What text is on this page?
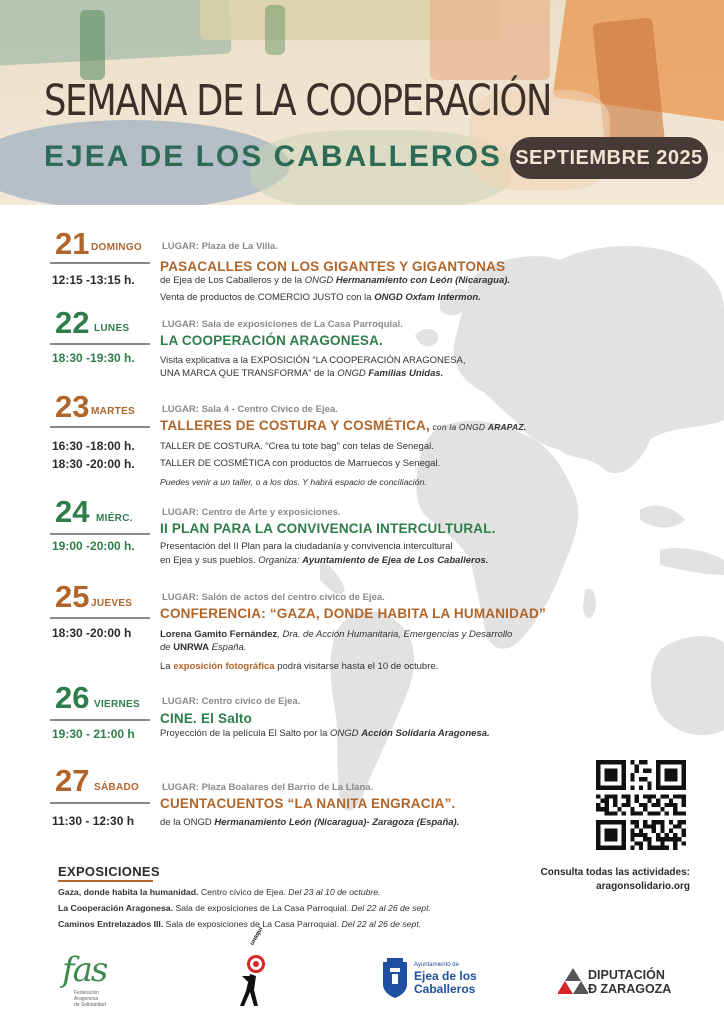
SEMANA DE LA COOPERACIÓN
EJEA DE LOS CABALLEROS SEPTIEMBRE 2025
21 DOMINGO
12:15 -13:15 h.
LUGAR: Plaza de La Villa.
PASACALLES CON LOS GIGANTES Y GIGANTONAS
de Ejea de Los Caballeros y de la ONGD Hermanamiento con León (Nicaragua).
Venta de productos de COMERCIO JUSTO con la ONGD Oxfam Intermon.
22 LUNES
18:30 -19:30 h.
LUGAR: Sala de exposiciones de La Casa Parroquial.
LA COOPERACIÓN ARAGONESA.
Visita explicativa a la EXPOSICIÓN “LA COOPERACIÓN ARAGONESA,
UNA MARCA QUE TRANSFORMA” de la ONGD Familias Unidas.
23 MARTES
16:30 -18:00 h.
18:30 -20:00 h.
LUGAR: Sala 4 - Centro Cívico de Ejea.
TALLERES DE COSTURA Y COSMÉTICA, con la ONGD ARAPAZ.
TALLER DE COSTURA. “Crea tu tote bag” con telas de Senegal.
TALLER DE COSMÉTICA con productos de Marruecos y Senegal.
Puedes venir a un taller, o a los dos. Y habrá espacio de conciliación.
24 MIÉRC.
19:00 -20:00 h.
LUGAR: Centro de Arte y exposiciones.
II PLAN PARA LA CONVIVENCIA INTERCULTURAL.
Presentación del II Plan para la ciudadanía y convivencia intercultural
en Ejea y sus pueblos. Organiza: Ayuntamiento de Ejea de Los Caballeros.
25 JUEVES
18:30 -20:00 h
LUGAR: Salón de actos del centro cívico de Ejea.
CONFERENCIA: “GAZA, DONDE HABITA LA HUMANIDAD”
Lorena Gamito Fernández, Dra. de Acción Humanitaria, Emergencias y Desarrollo
de UNRWA España.
La exposición fotográfica podrá visitarse hasta el 10 de octubre.
26 VIERNES
19:30 - 21:00 h
LUGAR: Centro cívico de Ejea.
CINE. El Salto
Proyección de la película El Salto por la ONGD Acción Solidaria Aragonesa.
27 SÁBADO
11:30 - 12:30 h
LUGAR: Plaza Boalares del Barrio de La Llana.
CUENTACUENTOS “LA NANITA ENGRACIA”.
de la ONGD Hermanamiento León (Nicaragua)- Zaragoza (España).
EXPOSICIONES
Gaza, donde habita la humanidad. Centro cívico de Ejea. Del 23 al 10 de octubre.
La Cooperación Aragonesa. Sala de exposiciones de La Casa Parroquial. Del 22 al 26 de sept.
Caminos Entrelazados III. Sala de exposiciones de La Casa Parroquial. Del 22 al 26 de sept.
Consulta todas las actividades:
aragonsolidario.org
fas
Federación
Aragonesa
de Solidaridad
unaquí
Ayuntamiento de
Ejea de los
Caballeros
DIPUTACIÓN
Ð ZARAGOZA
